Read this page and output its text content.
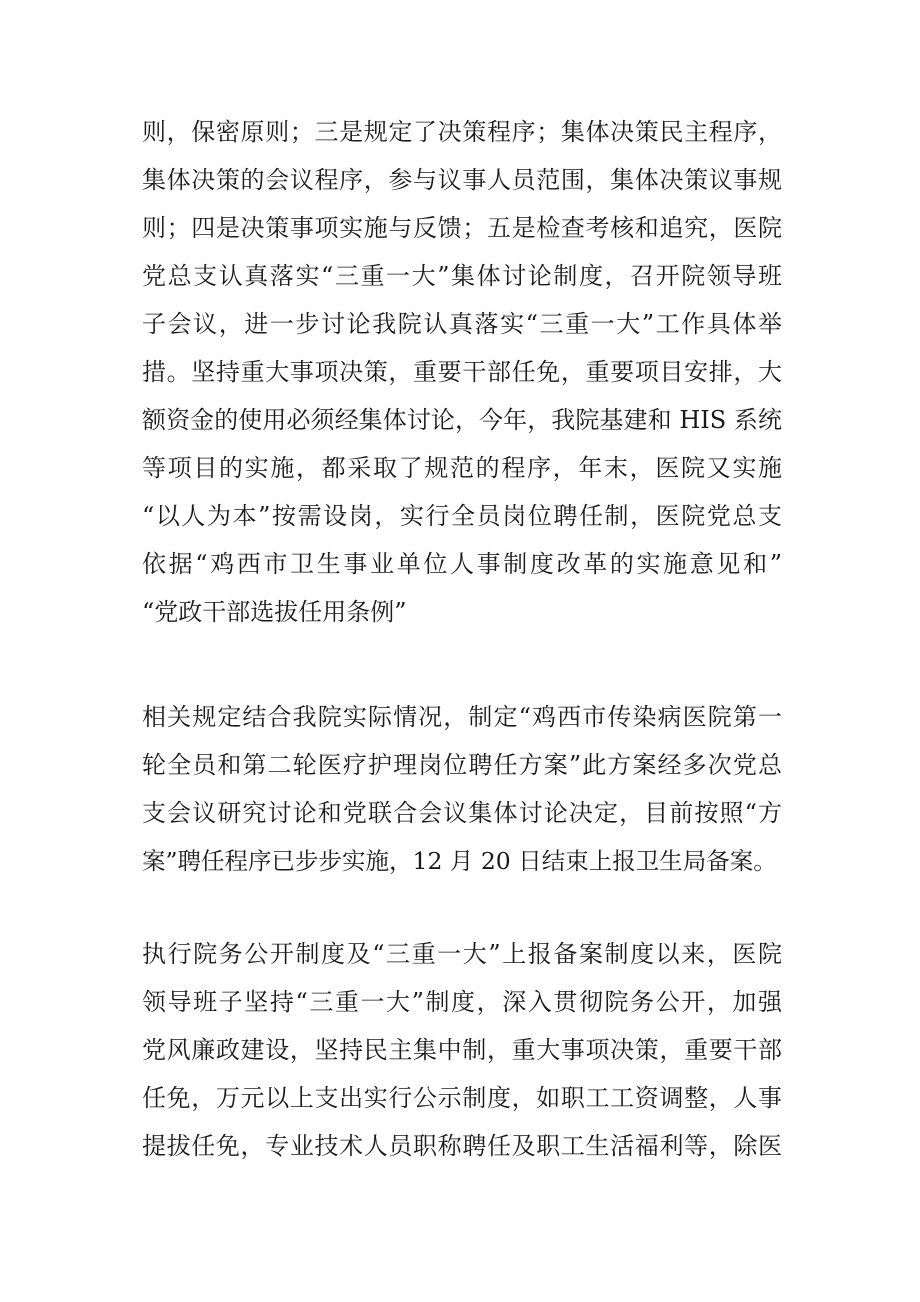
则，保密原则；三是规定了决策程序；集体决策民主程序，
集体决策的会议程序，参与议事人员范围，集体决策议事规
则；四是决策事项实施与反馈；五是检查考核和追究，医院
党总支认真落实“三重一大”集体讨论制度，召开院领导班
子会议，进一步讨论我院认真落实“三重一大”工作具体举
措。坚持重大事项决策，重要干部任免，重要项目安排，大
额资金的使用必须经集体讨论，今年，我院基建和 HIS 系统
等项目的实施，都采取了规范的程序，年末，医院又实施
“以人为本”按需设岗，实行全员岗位聘任制，医院党总支
依据“鸡西市卫生事业单位人事制度改革的实施意见和”
“党政干部选拔任用条例”
相关规定结合我院实际情况，制定“鸡西市传染病医院第一
轮全员和第二轮医疗护理岗位聘任方案”此方案经多次党总
支会议研究讨论和党联合会议集体讨论决定，目前按照“方
案”聘任程序已步步实施，12 月 20 日结束上报卫生局备案。
执行院务公开制度及“三重一大”上报备案制度以来，医院
领导班子坚持“三重一大”制度，深入贯彻院务公开，加强
党风廉政建设，坚持民主集中制，重大事项决策，重要干部
任免，万元以上支出实行公示制度，如职工工资调整，人事
提拔任免，专业技术人员职称聘任及职工生活福利等，除医
